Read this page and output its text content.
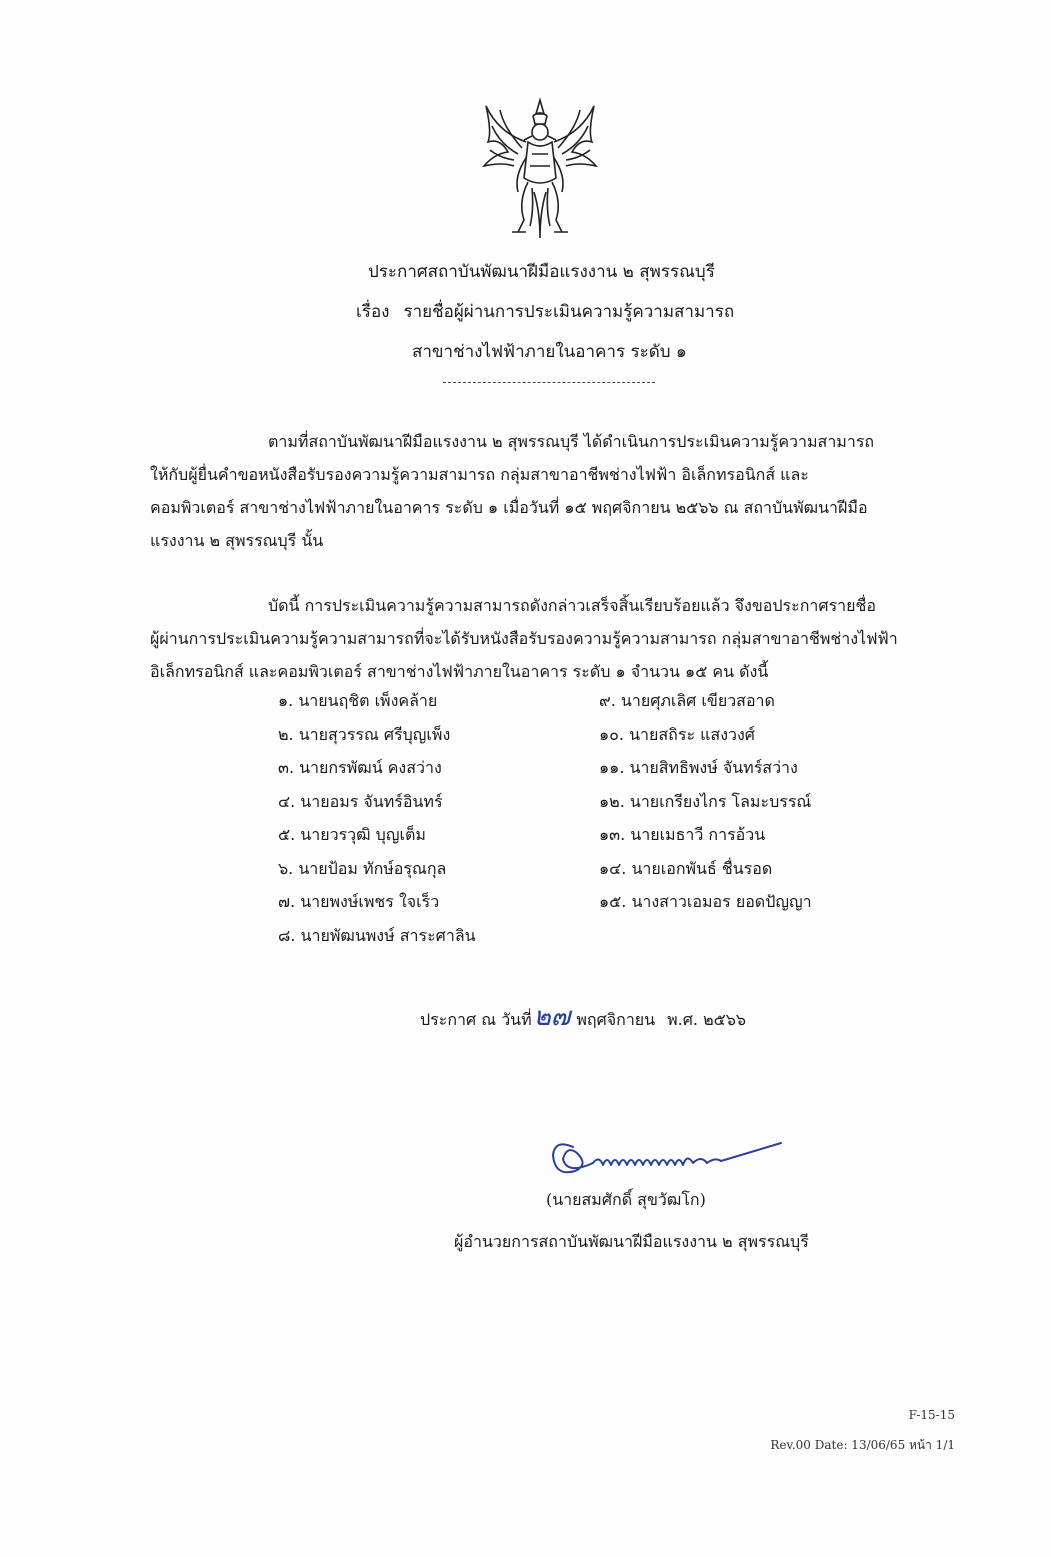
ประกาศสถาบันพัฒนาฝีมือแรงงาน ๒ สุพรรณบุรี
เรื่อง รายชื่อผู้ผ่านการประเมินความรู้ความสามารถ
สาขาช่างไฟฟ้าภายในอาคาร ระดับ ๑
ตามที่สถาบันพัฒนาฝีมือแรงงาน ๒ สุพรรณบุรี ได้ดำเนินการประเมินความรู้ความสามารถ
ให้กับผู้ยื่นคำขอหนังสือรับรองความรู้ความสามารถ กลุ่มสาขาอาชีพช่างไฟฟ้า อิเล็กทรอนิกส์ และ
คอมพิวเตอร์ สาขาช่างไฟฟ้าภายในอาคาร ระดับ ๑ เมื่อวันที่ ๑๕ พฤศจิกายน ๒๕๖๖ ณ สถาบันพัฒนาฝีมือ
แรงงาน ๒ สุพรรณบุรี นั้น
บัดนี้ การประเมินความรู้ความสามารถดังกล่าวเสร็จสิ้นเรียบร้อยแล้ว จึงขอประกาศรายชื่อ
ผู้ผ่านการประเมินความรู้ความสามารถที่จะได้รับหนังสือรับรองความรู้ความสามารถ กลุ่มสาขาอาชีพช่างไฟฟ้า
อิเล็กทรอนิกส์ และคอมพิวเตอร์ สาขาช่างไฟฟ้าภายในอาคาร ระดับ ๑ จำนวน ๑๕ คน ดังนี้
๑. นายนฤชิต เพ็งคล้าย
๒. นายสุวรรณ ศรีบุญเพ็ง
๓. นายกรพัฒน์ คงสว่าง
๔. นายอมร จันทร์อินทร์
๕. นายวรวุฒิ บุญเต็ม
๖. นายป้อม ทักษ์อรุณกุล
๗. นายพงษ์เพชร ใจเร็ว
๘. นายพัฒนพงษ์ สาระศาลิน
๙. นายศุภเลิศ เขียวสอาด
๑๐. นายสถิระ แสงวงศ์
๑๑. นายสิทธิพงษ์ จันทร์สว่าง
๑๒. นายเกรียงไกร โลมะบรรณ์
๑๓. นายเมธาวี การอ้วน
๑๔. นายเอกพันธ์ ชื่นรอด
๑๕. นางสาวเอมอร ยอดปัญญา
ประกาศ ณ วันที่ ๒๗ พฤศจิกายน พ.ศ. ๒๕๖๖
(นายสมศักดิ์ สุขวัฒโก)
ผู้อำนวยการสถาบันพัฒนาฝีมือแรงงาน ๒ สุพรรณบุรี
F-15-15
Rev.00 Date: 13/06/65 หน้า 1/1
